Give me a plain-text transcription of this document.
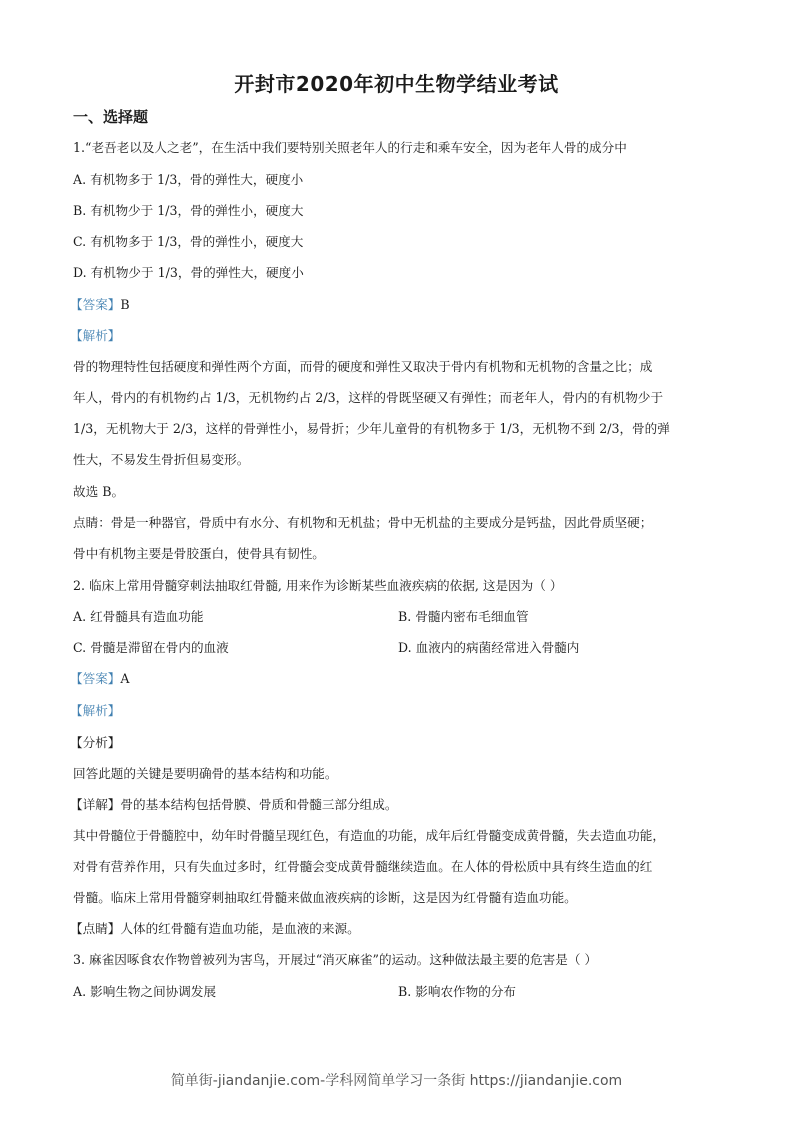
开封市2020年初中生物学结业考试
一、选择题
1.“老吾老以及人之老”，在生活中我们要特别关照老年人的行走和乘车安全，因为老年人骨的成分中
A. 有机物多于 1/3，骨的弹性大，硬度小
B. 有机物少于 1/3，骨的弹性小，硬度大
C. 有机物多于 1/3，骨的弹性小，硬度大
D. 有机物少于 1/3，骨的弹性大，硬度小
【答案】B
【解析】
骨的物理特性包括硬度和弹性两个方面，而骨的硬度和弹性又取决于骨内有机物和无机物的含量之比；成
年人，骨内的有机物约占 1/3，无机物约占 2/3，这样的骨既坚硬又有弹性；而老年人，骨内的有机物少于
1/3，无机物大于 2/3，这样的骨弹性小，易骨折；少年儿童骨的有机物多于 1/3，无机物不到 2/3，骨的弹
性大，不易发生骨折但易变形。
故选 B。
点睛：骨是一种器官，骨质中有水分、有机物和无机盐；骨中无机盐的主要成分是钙盐，因此骨质坚硬；
骨中有机物主要是骨胶蛋白，使骨具有韧性。
2. 临床上常用骨髓穿刺法抽取红骨髓, 用来作为诊断某些血液疾病的依据, 这是因为（ ）
A. 红骨髓具有造血功能	B. 骨髓内密布毛细血管
C. 骨髓是滞留在骨内的血液	D. 血液内的病菌经常进入骨髓内
【答案】A
【解析】
【分析】
回答此题的关键是要明确骨的基本结构和功能。
【详解】骨的基本结构包括骨膜、骨质和骨髓三部分组成。
其中骨髓位于骨髓腔中，幼年时骨髓呈现红色，有造血的功能，成年后红骨髓变成黄骨髓，失去造血功能，
对骨有营养作用，只有失血过多时，红骨髓会变成黄骨髓继续造血。在人体的骨松质中具有终生造血的红
骨髓。临床上常用骨髓穿刺抽取红骨髓来做血液疾病的诊断，这是因为红骨髓有造血功能。
【点睛】人体的红骨髓有造血功能，是血液的来源。
3. 麻雀因啄食农作物曾被列为害鸟，开展过“消灭麻雀”的运动。这种做法最主要的危害是（ ）
A. 影响生物之间协调发展	B. 影响农作物的分布
简单街-jiandanjie.com-学科网简单学习一条街 https://jiandanjie.com
